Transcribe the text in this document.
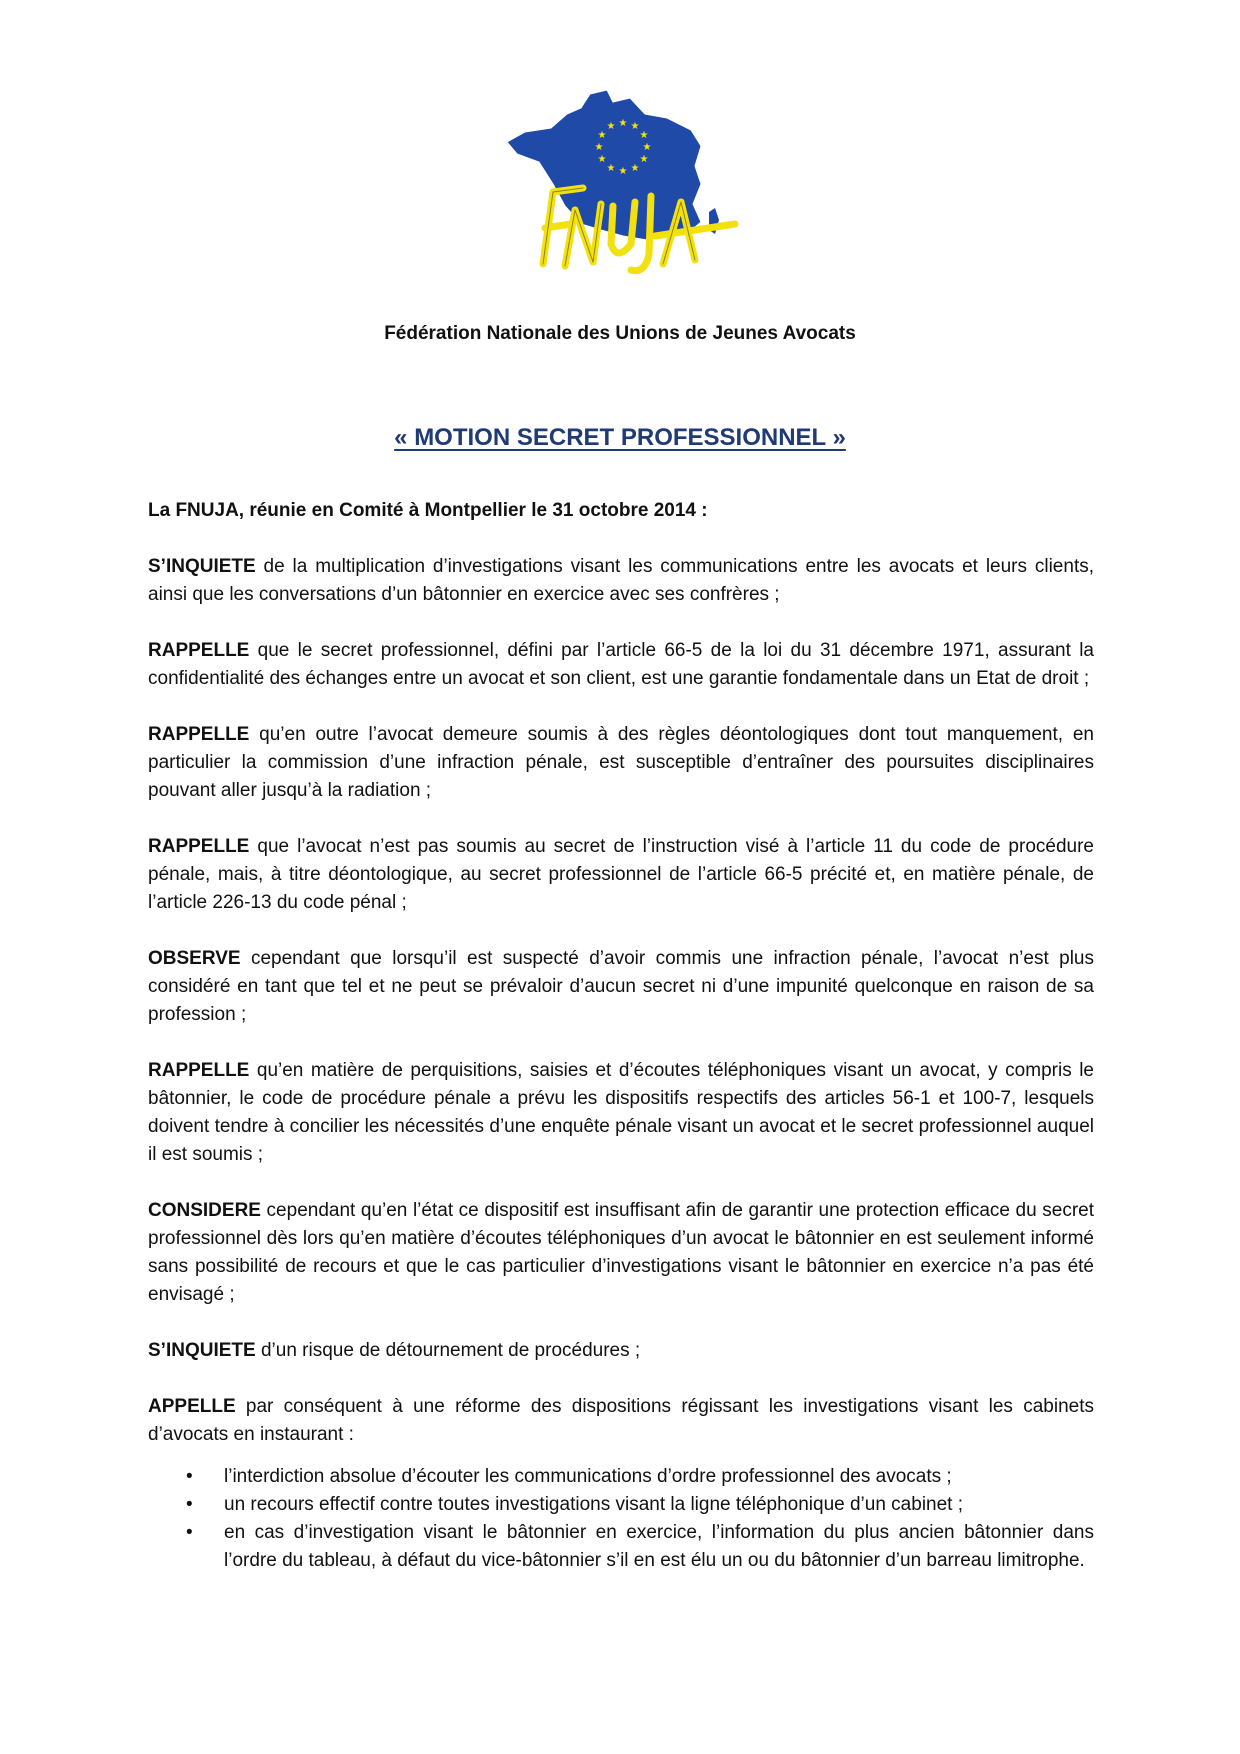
★ ★
★
★
★
★
★
★
★
★
★
★
Fédération Nationale des Unions de Jeunes Avocats
« MOTION SECRET PROFESSIONNEL »

La FNUJA, réunie en Comité à Montpellier le 31 octobre 2014 :

S’INQUIETE de la multiplication d’investigations visant les communications entre les avocats et leurs clients, ainsi que les conversations d’un bâtonnier en exercice avec ses confrères ;

RAPPELLE que le secret professionnel, défini par l’article 66-5 de la loi du 31 décembre 1971, assurant la confidentialité des échanges entre un avocat et son client, est une garantie fondamentale dans un Etat de droit ;

RAPPELLE qu’en outre l’avocat demeure soumis à des règles déontologiques dont tout manquement, en particulier la commission d’une infraction pénale, est susceptible d’entraîner des poursuites disciplinaires pouvant aller jusqu’à la radiation ;

RAPPELLE que l’avocat n’est pas soumis au secret de l’instruction visé à l’article 11 du code de procédure pénale, mais, à titre déontologique, au secret professionnel de l’article 66-5 précité et, en matière pénale, de l’article 226-13 du code pénal ;

OBSERVE cependant que lorsqu’il est suspecté d’avoir commis une infraction pénale, l’avocat n’est plus considéré en tant que tel et ne peut se prévaloir d’aucun secret ni d’une impunité quelconque en raison de sa profession ;

RAPPELLE qu’en matière de perquisitions, saisies et d’écoutes téléphoniques visant un avocat, y compris le bâtonnier, le code de procédure pénale a prévu les dispositifs respectifs des articles 56-1 et 100-7, lesquels doivent tendre à concilier les nécessités d’une enquête pénale visant un avocat et le secret professionnel auquel il est soumis ;

CONSIDERE cependant qu’en l’état ce dispositif est insuffisant afin de garantir une protection efficace du secret professionnel dès lors qu’en matière d’écoutes téléphoniques d’un avocat le bâtonnier en est seulement informé sans possibilité de recours et que le cas particulier d’investigations visant le bâtonnier en exercice n’a pas été envisagé ;

S’INQUIETE d’un risque de détournement de procédures ;

APPELLE par conséquent à une réforme des dispositions régissant les investigations visant les cabinets d’avocats en instaurant :

• l’interdiction absolue d’écouter les communications d’ordre professionnel des avocats ;
• un recours effectif contre toutes investigations visant la ligne téléphonique d’un cabinet ;
• en cas d’investigation visant le bâtonnier en exercice, l’information du plus ancien bâtonnier dans l’ordre du tableau, à défaut du vice-bâtonnier s’il en est élu un ou du bâtonnier d’un barreau limitrophe.
